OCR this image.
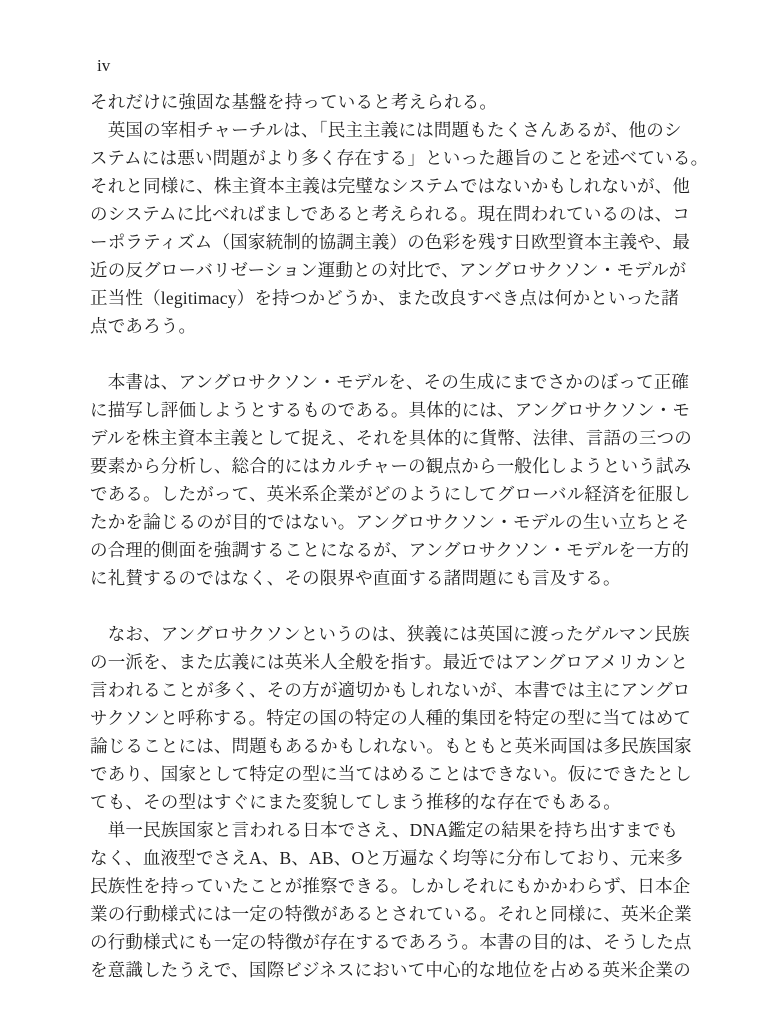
iv

それだけに強固な基盤を持っていると考えられる。

　英国の宰相チャーチルは、「民主主義には問題もたくさんあるが、他のシ
ステムには悪い問題がより多く存在する」といった趣旨のことを述べている。
それと同様に、株主資本主義は完璧なシステムではないかもしれないが、他
のシステムに比べればましであると考えられる。現在問われているのは、コ
ーポラティズム（国家統制的協調主義）の色彩を残す日欧型資本主義や、最
近の反グローバリゼーション運動との対比で、アングロサクソン・モデルが
正当性（legitimacy）を持つかどうか、また改良すべき点は何かといった諸
点であろう。

　本書は、アングロサクソン・モデルを、その生成にまでさかのぼって正確
に描写し評価しようとするものである。具体的には、アングロサクソン・モ
デルを株主資本主義として捉え、それを具体的に貨幣、法律、言語の三つの
要素から分析し、総合的にはカルチャーの観点から一般化しようという試み
である。したがって、英米系企業がどのようにしてグローバル経済を征服し
たかを論じるのが目的ではない。アングロサクソン・モデルの生い立ちとそ
の合理的側面を強調することになるが、アングロサクソン・モデルを一方的
に礼賛するのではなく、その限界や直面する諸問題にも言及する。

　なお、アングロサクソンというのは、狭義には英国に渡ったゲルマン民族
の一派を、また広義には英米人全般を指す。最近ではアングロアメリカンと
言われることが多く、その方が適切かもしれないが、本書では主にアングロ
サクソンと呼称する。特定の国の特定の人種的集団を特定の型に当てはめて
論じることには、問題もあるかもしれない。もともと英米両国は多民族国家
であり、国家として特定の型に当てはめることはできない。仮にできたとし
ても、その型はすぐにまた変貌してしまう推移的な存在でもある。

　単一民族国家と言われる日本でさえ、DNA鑑定の結果を持ち出すまでも
なく、血液型でさえA、B、AB、Oと万遍なく均等に分布しており、元来多
民族性を持っていたことが推察できる。しかしそれにもかかわらず、日本企
業の行動様式には一定の特徴があるとされている。それと同様に、英米企業
の行動様式にも一定の特徴が存在するであろう。本書の目的は、そうした点
を意識したうえで、国際ビジネスにおいて中心的な地位を占める英米企業の
